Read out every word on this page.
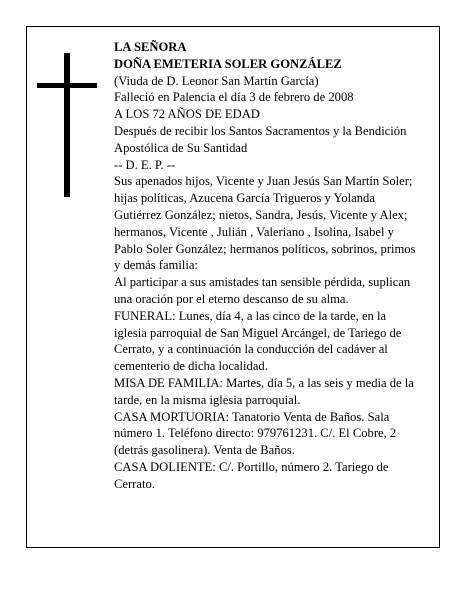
LA SEÑORA

DOÑA EMETERIA SOLER GONZÁLEZ

(Viuda de D. Leonor San Martín García)

Falleció en Palencia el día 3 de febrero de 2008

A LOS 72 AÑOS DE EDAD

Después de recibir los Santos Sacramentos y la Bendición Apostólica de Su Santidad

-- D. E. P. --

Sus apenados hijos, Vicente y Juan Jesús San Martín Soler; hijas políticas, Azucena García Trigueros y Yolanda Gutiérrez González; nietos, Sandra, Jesús, Vicente y Alex; hermanos, Vicente , Julián , Valeriano , Isolina, Isabel y Pablo Soler González; hermanos políticos, sobrinos, primos y demás familia:

Al participar a sus amistades tan sensible pérdida, suplican una oración por el eterno descanso de su alma.

FUNERAL: Lunes, día 4, a las cinco de la tarde, en la iglesia parroquial de San Miguel Arcángel, de Tariego de Cerrato, y a continuación la conducción del cadáver al cementerio de dicha localidad.

MISA DE FAMILIA: Martes, día 5, a las seis y media de la tarde, en la misma iglesia parroquial.

CASA MORTUORIA: Tanatorio Venta de Baños. Sala número 1. Teléfono directo: 979761231. C/. El Cobre, 2 (detrás gasolinera). Venta de Baños.

CASA DOLIENTE: C/. Portillo, número 2. Tariego de Cerrato.
